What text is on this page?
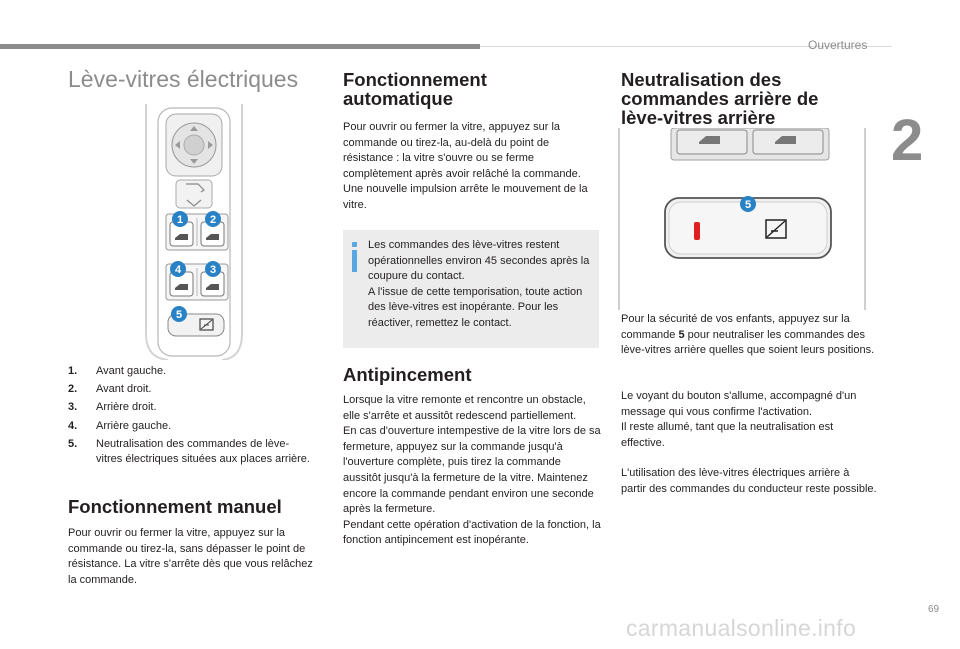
Ouvertures
2
Lève-vitres électriques
1 2
4	3
5
1.	Avant gauche.
2.	Avant droit.
3.	Arrière droit.
4.	Arrière gauche.
5.	Neutralisation des commandes de lève-vitres électriques situées aux places arrière.
Fonctionnement manuel

Pour ouvrir ou fermer la vitre, appuyez sur la commande ou tirez-la, sans dépasser le point de résistance. La vitre s'arrête dès que vous relâchez la commande.

Fonctionnement
automatique

Pour ouvrir ou fermer la vitre, appuyez sur la commande ou tirez-la, au-delà du point de résistance : la vitre s'ouvre ou se ferme complètement après avoir relâché la commande. Une nouvelle impulsion arrête le mouvement de la vitre.

Les commandes des lève-vitres restent opérationnelles environ 45 secondes après la coupure du contact.
A l'issue de cette temporisation, toute action des lève-vitres est inopérante. Pour les réactiver, remettez le contact.
Antipincement

Lorsque la vitre remonte et rencontre un obstacle, elle s'arrête et aussitôt redescend partiellement.
En cas d'ouverture intempestive de la vitre lors de sa fermeture, appuyez sur la commande jusqu'à l'ouverture complète, puis tirez la commande aussitôt jusqu'à la fermeture de la vitre. Maintenez encore la commande pendant environ une seconde après la fermeture.
Pendant cette opération d'activation de la fonction, la fonction antipincement est inopérante.

Neutralisation des
commandes arrière de
lève-vitres arrière
5

Pour la sécurité de vos enfants, appuyez sur la commande 5 pour neutraliser les commandes des lève-vitres arrière quelles que soient leurs positions.

Le voyant du bouton s'allume, accompagné d'un message qui vous confirme l'activation.
Il reste allumé, tant que la neutralisation est effective.

L'utilisation des lève-vitres électriques arrière à partir des commandes du conducteur reste possible.

69
carmanualsonline.info
